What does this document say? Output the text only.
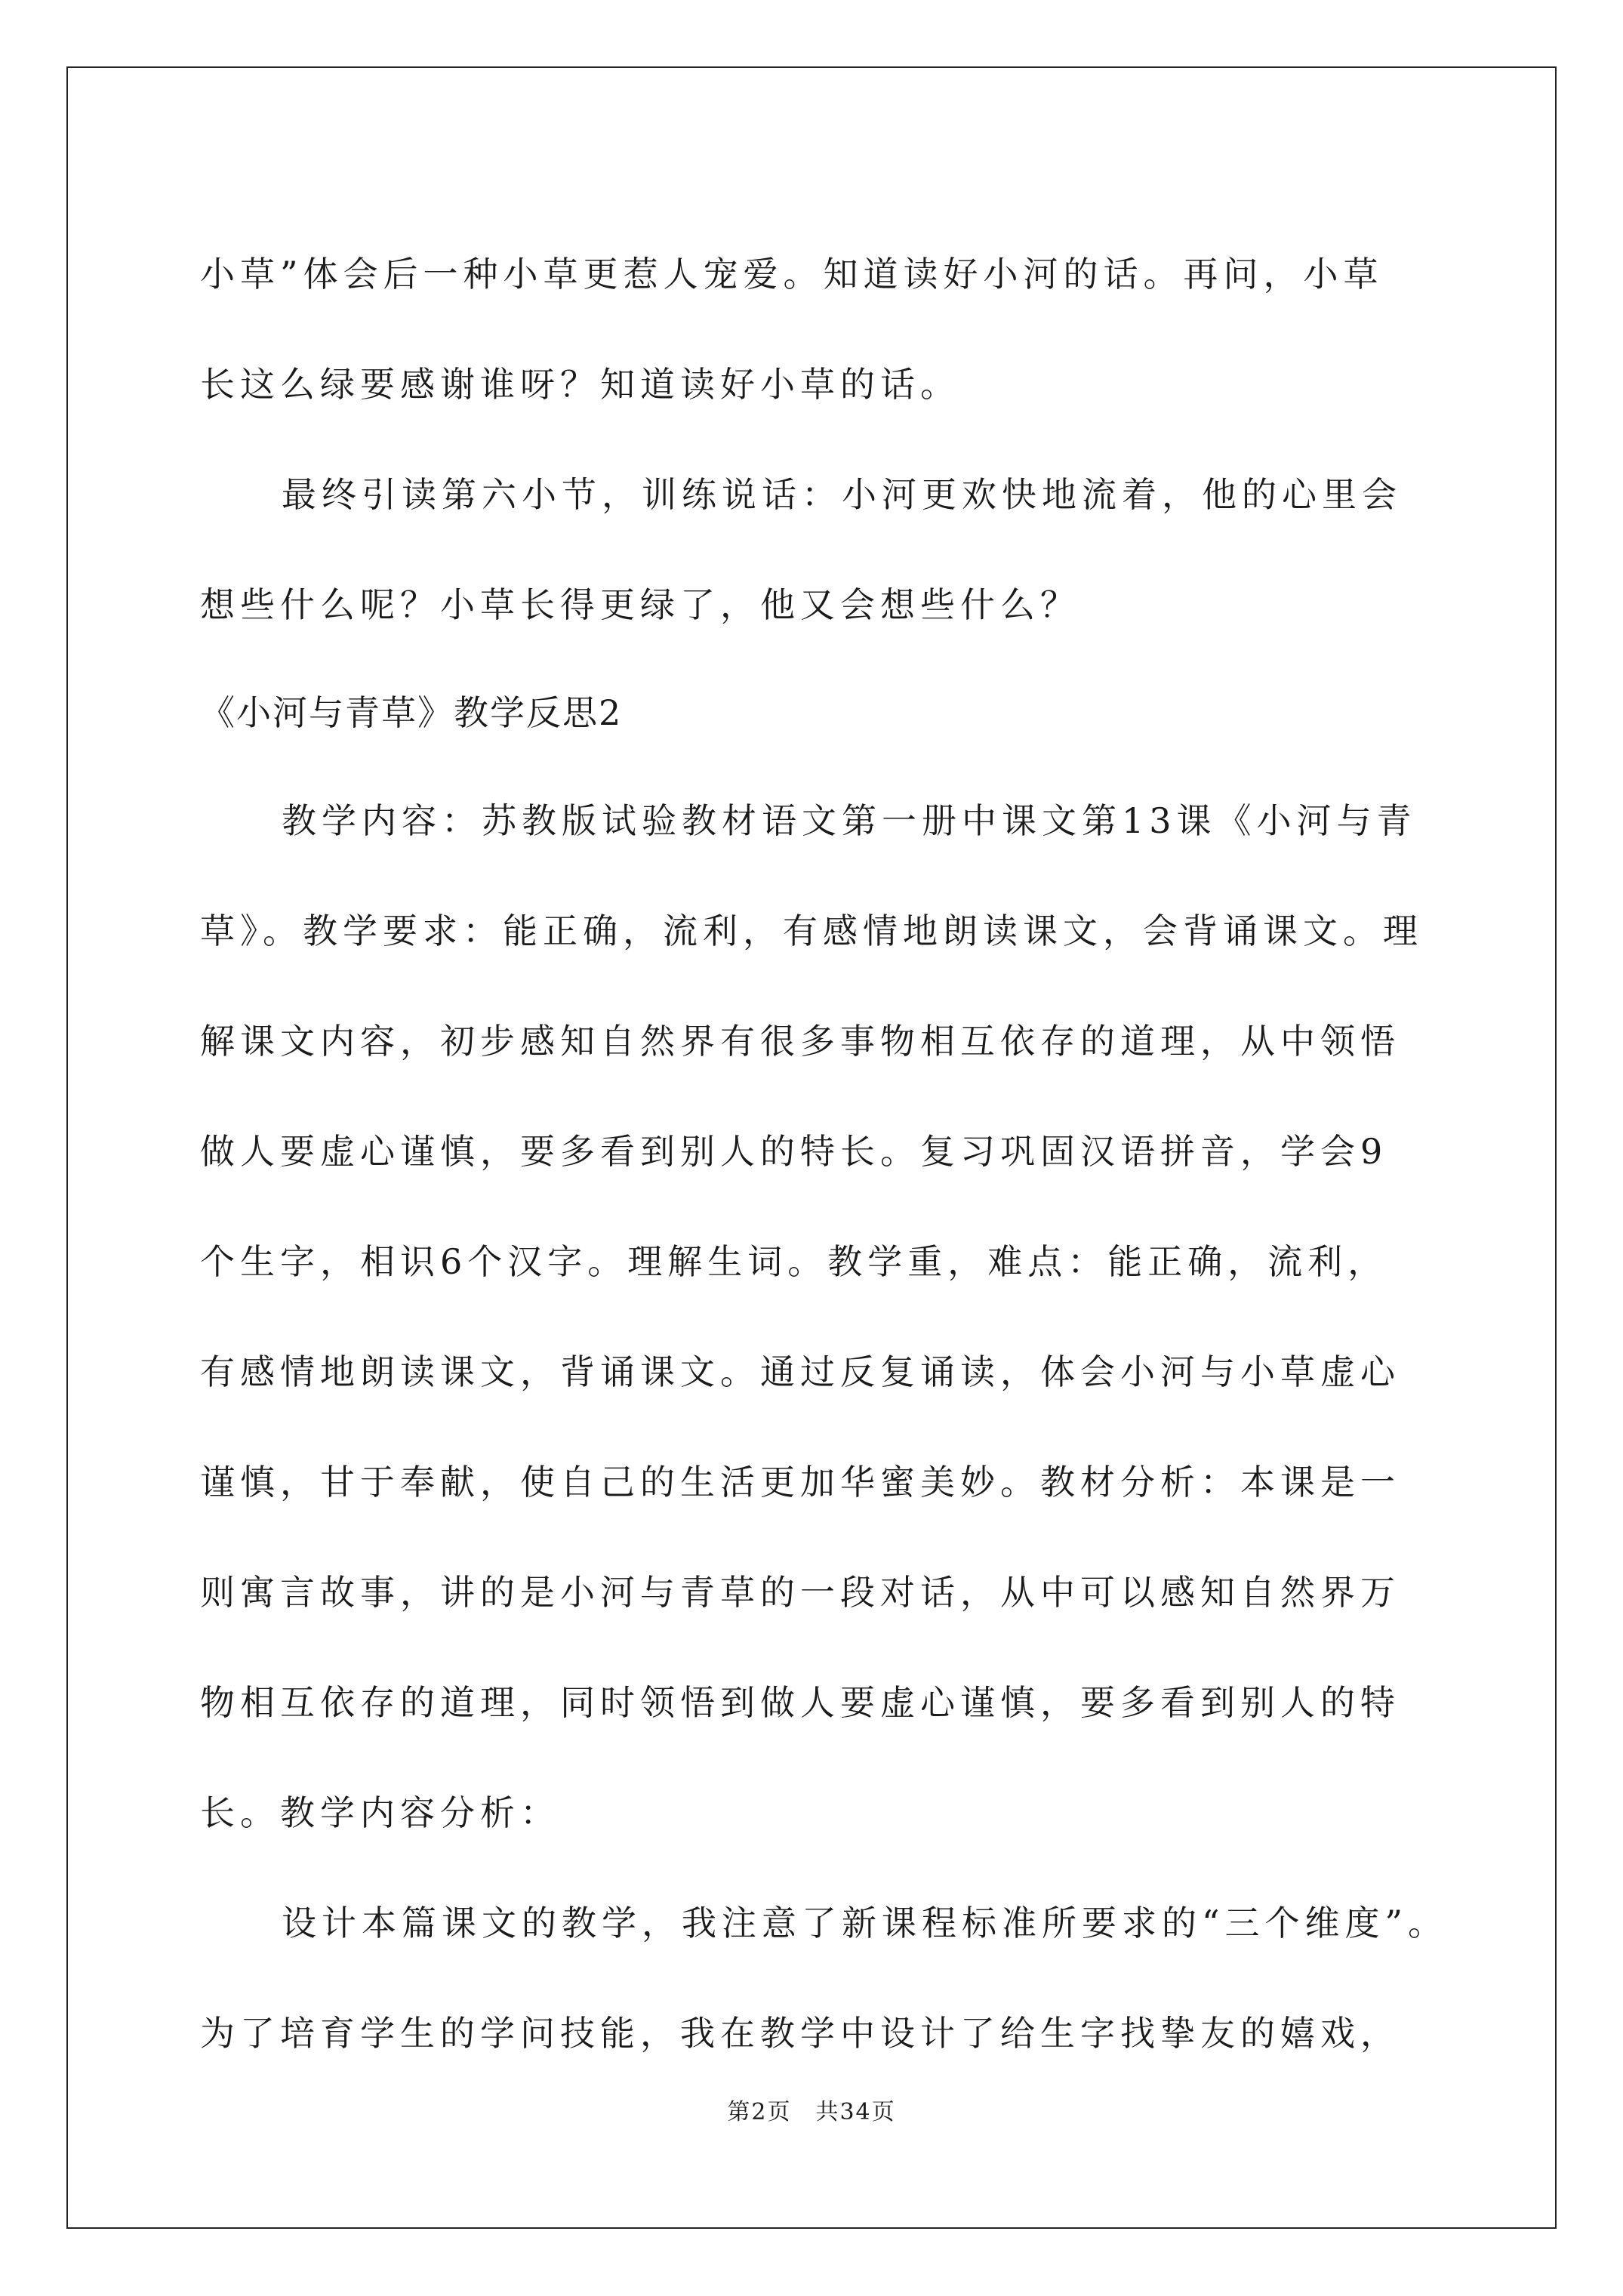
小草”体会后一种小草更惹人宠爱。知道读好小河的话。再问，小草
长这么绿要感谢谁呀？知道读好小草的话。
最终引读第六小节，训练说话：小河更欢快地流着，他的心里会
想些什么呢？小草长得更绿了，他又会想些什么？
《小河与青草》教学反思2
教学内容：苏教版试验教材语文第一册中课文第13课《小河与青
草》。教学要求：能正确，流利，有感情地朗读课文，会背诵课文。理
解课文内容，初步感知自然界有很多事物相互依存的道理，从中领悟
做人要虚心谨慎，要多看到别人的特长。复习巩固汉语拼音，学会9
个生字，相识6个汉字。理解生词。教学重，难点：能正确，流利，
有感情地朗读课文，背诵课文。通过反复诵读，体会小河与小草虚心
谨慎，甘于奉献，使自己的生活更加华蜜美妙。教材分析：本课是一
则寓言故事，讲的是小河与青草的一段对话，从中可以感知自然界万
物相互依存的道理，同时领悟到做人要虚心谨慎，要多看到别人的特
长。教学内容分析：
设计本篇课文的教学，我注意了新课程标准所要求的“三个维度”。
为了培育学生的学问技能，我在教学中设计了给生字找挚友的嬉戏，
第2页 共34页
